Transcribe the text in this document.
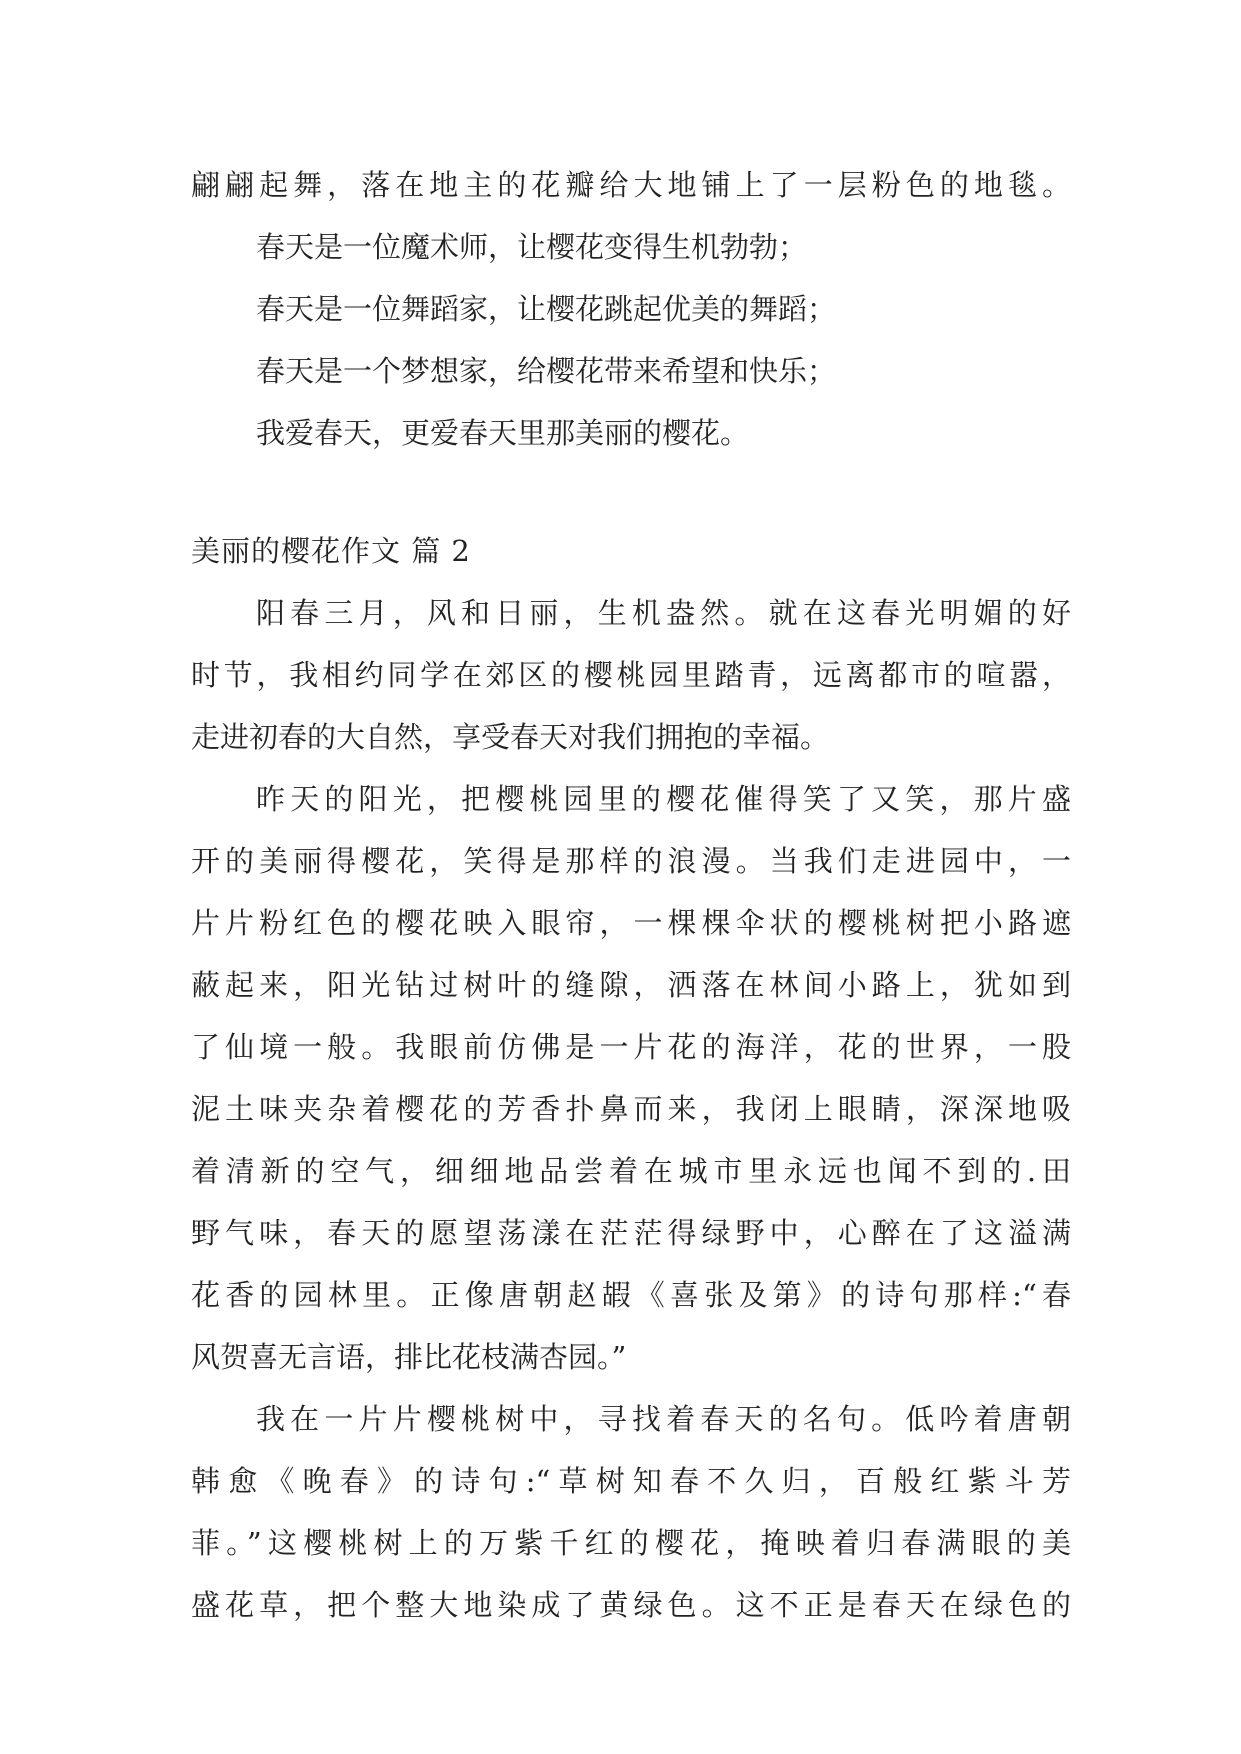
翩翩起舞，落在地主的花瓣给大地铺上了一层粉色的地毯。
春天是一位魔术师，让樱花变得生机勃勃；
春天是一位舞蹈家，让樱花跳起优美的舞蹈；
春天是一个梦想家，给樱花带来希望和快乐；
我爱春天，更爱春天里那美丽的樱花。
美丽的樱花作文 篇 2
阳春三月，风和日丽，生机盎然。就在这春光明媚的好
时节，我相约同学在郊区的樱桃园里踏青，远离都市的喧嚣，
走进初春的大自然，享受春天对我们拥抱的幸福。
昨天的阳光，把樱桃园里的樱花催得笑了又笑，那片盛
开的美丽得樱花，笑得是那样的浪漫。当我们走进园中，一
片片粉红色的樱花映入眼帘，一棵棵伞状的樱桃树把小路遮
蔽起来，阳光钻过树叶的缝隙，洒落在林间小路上，犹如到
了仙境一般。我眼前仿佛是一片花的海洋，花的世界，一股
泥土味夹杂着樱花的芳香扑鼻而来，我闭上眼睛，深深地吸
着清新的空气，细细地品尝着在城市里永远也闻不到的.田
野气味，春天的愿望荡漾在茫茫得绿野中，心醉在了这溢满
花香的园林里。正像唐朝赵嘏《喜张及第》的诗句那样:“春
风贺喜无言语，排比花枝满杏园。”
我在一片片樱桃树中，寻找着春天的名句。低吟着唐朝
韩愈《晚春》的诗句:“草树知春不久归，百般红紫斗芳
菲。”这樱桃树上的万紫千红的樱花，掩映着归春满眼的美
盛花草，把个整大地染成了黄绿色。这不正是春天在绿色的
